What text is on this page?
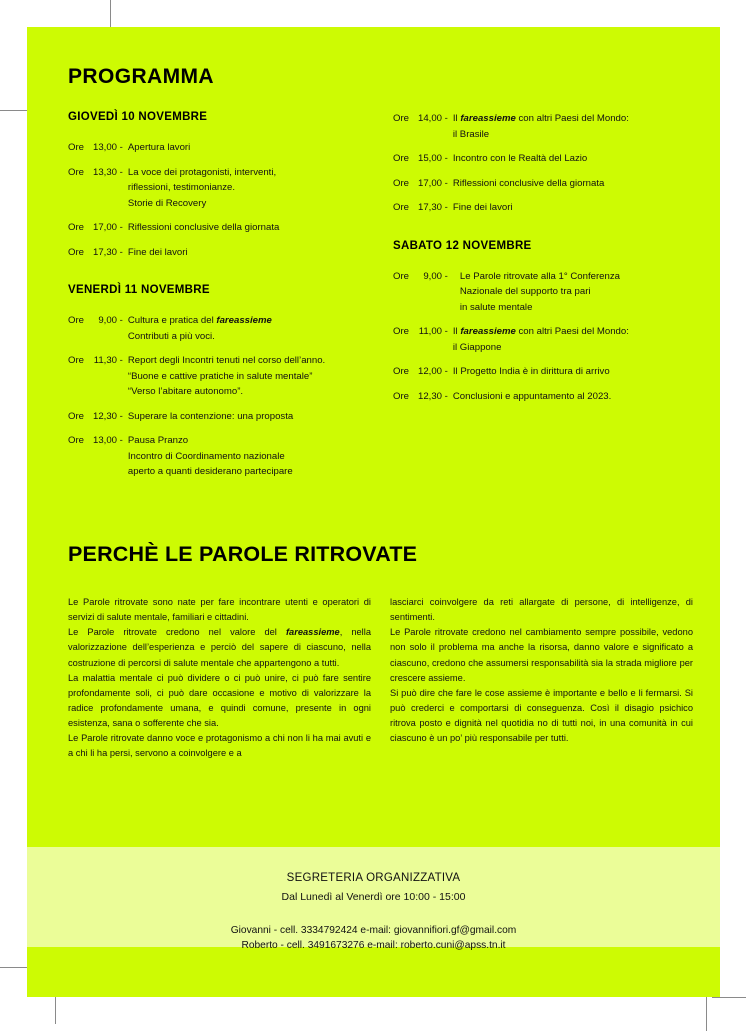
PROGRAMMA
GIOVEDÌ 10 NOVEMBRE
Ore 13,00 - Apertura lavori
Ore 13,30 - La voce dei protagonisti, interventi,
riflessioni, testimonianze.
Storie di Recovery
Ore 17,00 - Riflessioni conclusive della giornata
Ore 17,30 - Fine dei lavori
VENERDÌ 11 NOVEMBRE
Ore 9,00 - Cultura e pratica del fareassieme
Contributi a più voci.
Ore 11,30 - Report degli Incontri tenuti nel corso dell’anno.
“Buone e cattive pratiche in salute mentale”
“Verso l’abitare autonomo”.
Ore 12,30 - Superare la contenzione: una proposta
Ore 13,00 - Pausa Pranzo
Incontro di Coordinamento nazionale
aperto a quanti desiderano partecipare
Ore 14,00 - Il fareassieme con altri Paesi del Mondo:
il Brasile
Ore 15,00 - Incontro con le Realtà del Lazio
Ore 17,00 - Riflessioni conclusive della giornata
Ore 17,30 - Fine dei lavori
SABATO 12 NOVEMBRE
Ore 9,00 -	Le Parole ritrovate alla 1° Conferenza
Nazionale del supporto tra pari
in salute mentale
Ore 11,00 - Il fareassieme con altri Paesi del Mondo:
il Giappone
Ore 12,00 - Il Progetto India è in dirittura di arrivo
Ore 12,30 - Conclusioni e appuntamento al 2023.
PERCHÈ LE PAROLE RITROVATE

Le Parole ritrovate sono nate per fare incontrare utenti e operatori di servizi di salute mentale, familiari e cittadini.

Le Parole ritrovate credono nel valore del fareassieme, nella valorizzazione dell’esperienza e perciò del sapere di ciascuno, nella costruzione di percorsi di salute mentale che appartengono a tutti.

La malattia mentale ci può dividere o ci può unire, ci può fare sentire profondamente soli, ci può dare occasione e motivo di valorizzare la radice profondamente umana, e quindi comune, presente in ogni esistenza, sana o sofferente che sia.

Le Parole ritrovate danno voce e protagonismo a chi non li ha mai avuti e a chi li ha persi, servono a coinvolgere e a

lasciarci coinvolgere da reti allargate di persone, di intelligenze, di sentimenti.

Le Parole ritrovate credono nel cambiamento sempre possibile, vedono non solo il problema ma anche la risorsa, danno valore e significato a ciascuno, credono che assumersi responsabilità sia la strada migliore per crescere assieme.

Si può dire che fare le cose assieme è importante e bello e li fermarsi. Si può crederci e comportarsi di conseguenza. Così il disagio psichico ritrova posto e dignità nel quotidia no di tutti noi, in una comunità in cui ciascuno è un po’ più responsabile per tutti.

SEGRETERIA ORGANIZZATIVA
Dal Lunedì al Venerdì ore 10:00 - 15:00
Giovanni - cell. 3334792424 e-mail: giovannifiori.gf@gmail.com
Roberto - cell. 3491673276 e-mail: roberto.cuni@apss.tn.it
